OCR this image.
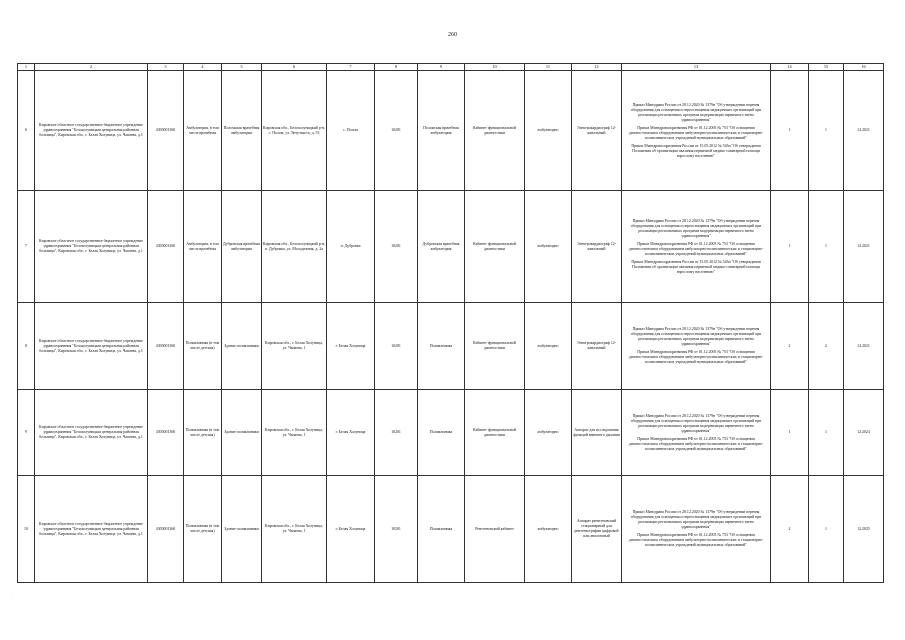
260
1	2	3	4	5	6	7	8	9	10	11	12	13	14	15	16
6	Кировское областное государственное бюджетное учреждение здравоохранения "Белохолуницкая центральная районная больница", Кировская обл., г. Белая Холуница, ул. Чапаева, д.1	4303001360	Амбулатория, в том числе врачебная	Поломская врачебная амбулатория	Кировская обл., Белохолуницкий р-н, с. Полом, ул. Энтузиаста, д. 53	с. Полом	10201	Поломская врачебная амбулатория	Кабинет функциональной диагностики	амбулаторно	Электрокардиограф 12-канальный	Приказ Минздрава России от 28.12.2020 № 1379н "Об утверждении перечня оборудования для оснащения и переоснащения медицинских организаций при реализации региональных программ модернизации первичного звена здравоохранения"

Приказ Минздравсоцразвития РФ от 01.12.2005 № 753 "Об оснащении диагностическим оборудованием амбулаторно-поликлинических и стационарно-поликлинических учреждений муниципальных образований"

Приказ Минздравсоцразвития России от 15.05.2012 № 543н "Об утверждении Положения об организации оказания первичной медико-санитарной помощи взрослому населению"	1	1	12.2021
7	Кировское областное государственное бюджетное учреждение здравоохранения "Белохолуницкая центральная районная больница", Кировская обл., г. Белая Холуница, ул. Чапаева, д.1	4303001360	Амбулатория, в том числе врачебная	Дубровская врачебная амбулатория	Кировская обл., Белохолуницкий р-н, п. Дубровка, ул. Молодежная, д. 2а	п. Дубровка	10201	Дубровская врачебная амбулатория	Кабинет функциональной диагностики	амбулаторно	Электрокардиограф 12-канальный	Приказ Минздрава России от 28.12.2020 № 1379н "Об утверждении перечня оборудования для оснащения и переоснащения медицинских организаций при реализации региональных программ модернизации первичного звена здравоохранения"

Приказ Минздравсоцразвития РФ от 01.12.2005 № 753 "Об оснащении диагностическим оборудованием амбулаторно-поликлинических и стационарно-поликлинических учреждений муниципальных образований"

Приказ Минздравсоцразвития России от 15.05.2012 № 543н "Об утверждении Положения об организации оказания первичной медико-санитарной помощи взрослому населению"	1	1	12.2021
8	Кировское областное государственное бюджетное учреждение здравоохранения "Белохолуницкая центральная районная больница", Кировская обл., г. Белая Холуница, ул. Чапаева, д.1	4303001360	Поликлиника (в том числе детская)	Здание поликлиники	Кировская обл., г. Белая Холуница, ул. Чапаева, 1	г. Белая Холуница	10201	Поликлиника	Кабинет функциональной диагностики	амбулаторно	Электрокардиограф 12-канальный	Приказ Минздрава России от 28.12.2020 № 1379н "Об утверждении перечня оборудования для оснащения и переоснащения медицинских организаций при реализации региональных программ модернизации первичного звена здравоохранения"

Приказ Минздравсоцразвития РФ от 01.12.2005 № 753 "Об оснащении диагностическим оборудованием амбулаторно-поликлинических и стационарно-поликлинических учреждений муниципальных образований"	2	2	12.2021
9	Кировское областное государственное бюджетное учреждение здравоохранения "Белохолуницкая центральная районная больница", Кировская обл., г. Белая Холуница, ул. Чапаева, д.1	4303001360	Поликлиника (в том числе детская)	Здание поликлиники	Кировская обл., г. Белая Холуница, ул. Чапаева, 1	г. Белая Холуница	10201	Поликлиника	Кабинет функциональной диагностики	амбулаторно	Аппарат для исследования функций внешнего дыхания	Приказ Минздрава России от 28.12.2020 № 1379н "Об утверждении перечня оборудования для оснащения и переоснащения медицинских организаций при реализации региональных программ модернизации первичного звена здравоохранения"

Приказ Минздравсоцразвития РФ от 01.12.2005 № 753 "Об оснащении диагностическим оборудованием амбулаторно-поликлинических и стационарно-поликлинических учреждений муниципальных образований"	1	1	12.2024
10	Кировское областное государственное бюджетное учреждение здравоохранения "Белохолуницкая центральная районная больница", Кировская обл., г. Белая Холуница, ул. Чапаева, д.1	4303001360	Поликлиника (в том числе детская)	Здание поликлиники	Кировская обл., г. Белая Холуница, ул. Чапаева, 1	г. Белая Холуница	10201	Поликлиника	Рентгеновский кабинет	амбулаторно	Аппарат рентгеновский стационарный для рентгенографии цифровой или аналоговый	Приказ Минздрава России от 28.12.2020 № 1379н "Об утверждении перечня оборудования для оснащения и переоснащения медицинских организаций при реализации региональных программ модернизации первичного звена здравоохранения"

Приказ Минздравсоцразвития РФ от 01.12.2005 № 753 "Об оснащении диагностическим оборудованием амбулаторно-поликлинических и стационарно-поликлинических учреждений муниципальных образований"	2	1	12.2025
·
·
·
·
